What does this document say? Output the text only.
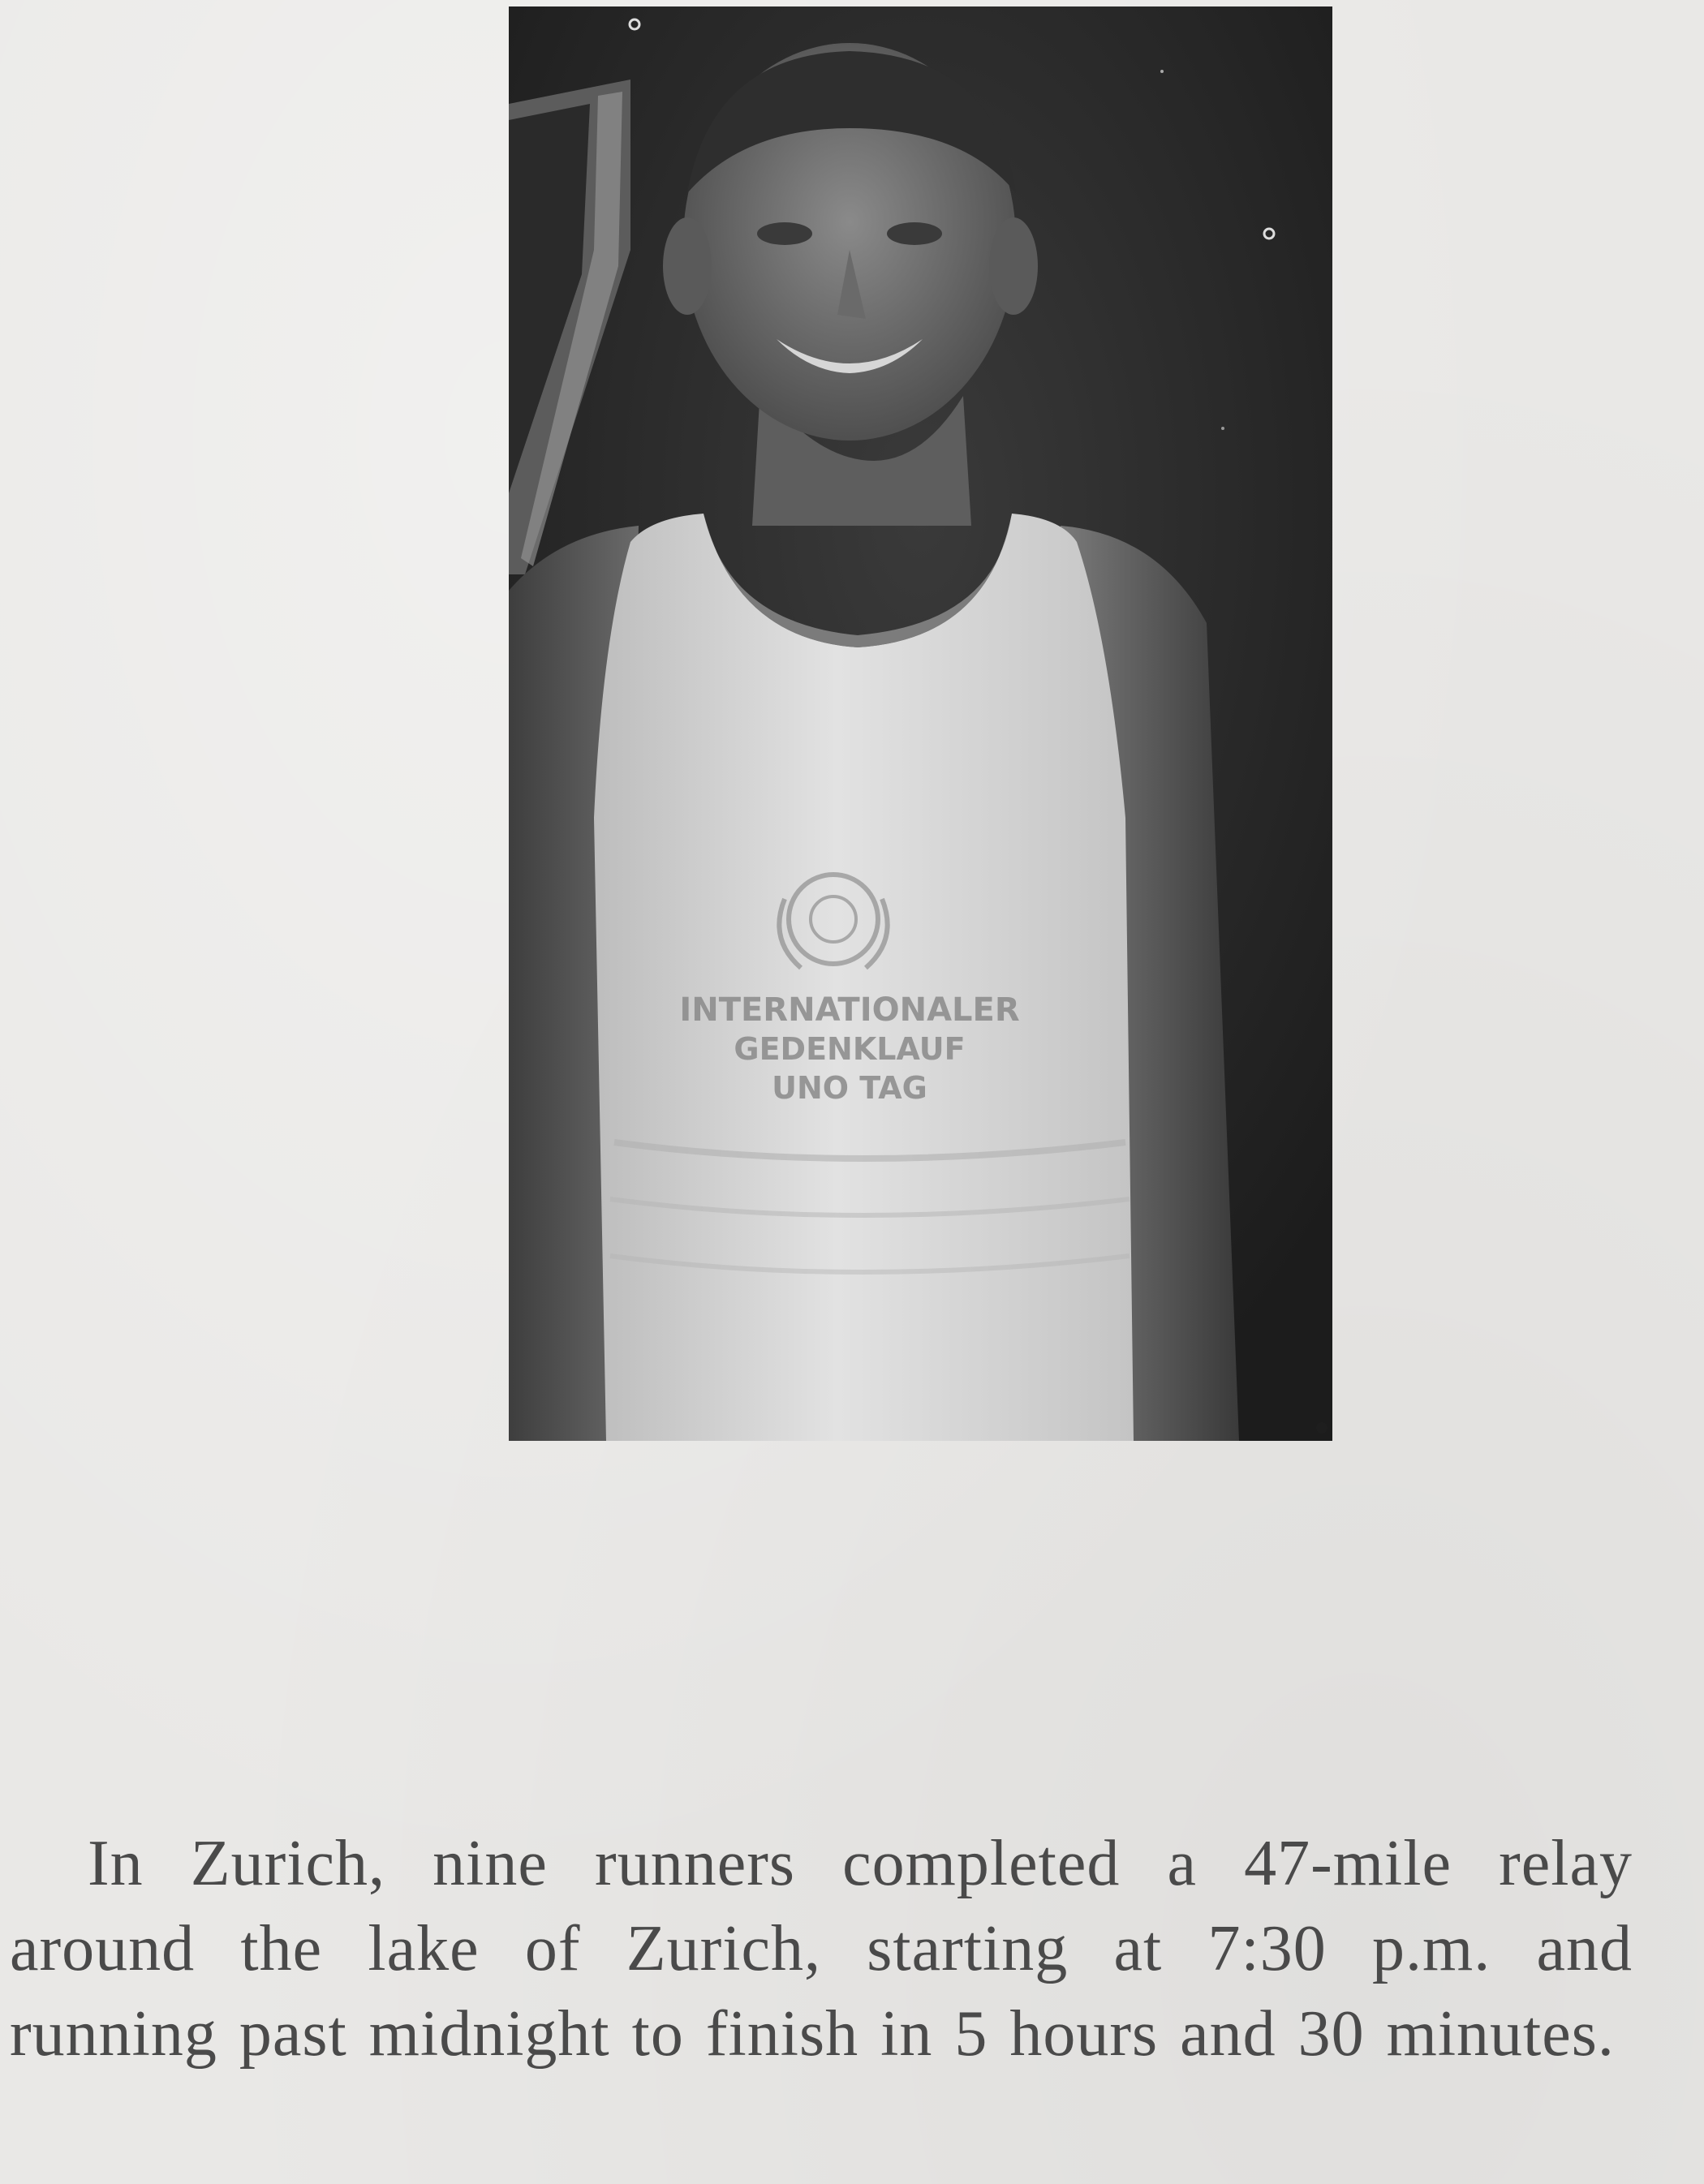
INTERNATIONALER
GEDENKLAUF
UNO TAG

In Zurich, nine runners completed a 47-mile relay around the lake of Zurich, starting at 7:30 p.m. and running past midnight to finish in 5 hours and 30 minutes.
